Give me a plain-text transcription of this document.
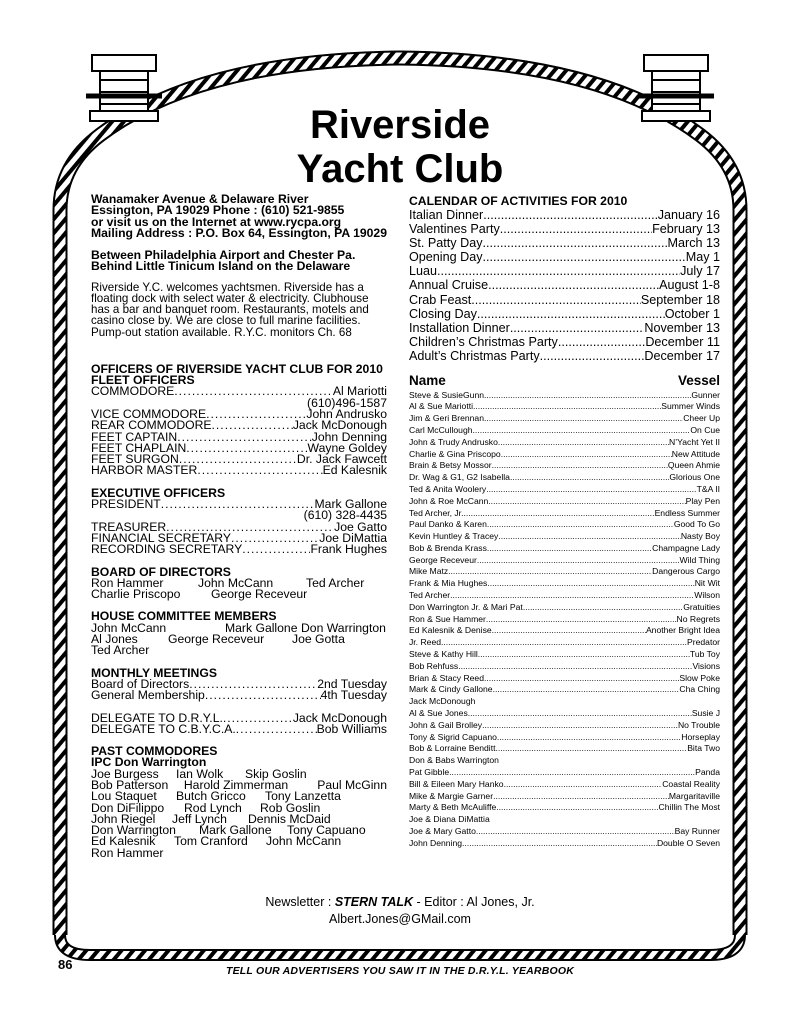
Riverside
Yacht Club
Wanamaker Avenue & Delaware River
Essington, PA 19029 Phone : (610) 521-9855
or visit us on the Internet at www.rycpa.org
Mailing Address : P.O. Box 64, Essington, PA 19029
Between Philadelphia Airport and Chester Pa.
Behind Little Tinicum Island on the Delaware
Riverside Y.C. welcomes yachtsmen. Riverside has a
floating dock with select water & electricity. Clubhouse
has a bar and banquet room. Restaurants, motels and
casino close by. We are close to full marine facilities.
Pump-out station available. R.Y.C. monitors Ch. 68
OFFICERS OF RIVERSIDE YACHT CLUB FOR 2010
FLEET OFFICERS
COMMODORE .....	Al Mariotti
(610)496-1587
VICE COMMODORE .....	John Andrusko
REAR COMMODORE .....	Jack McDonough
FEET CAPTAIN .....	John Denning
FEET CHAPLAIN .....	Wayne Goldey
FEET SURGON .....	Dr. Jack Fawcett
HARBOR MASTER .....	Ed Kalesnik
EXECUTIVE OFFICERS
PRESIDENT .....	Mark Gallone
(610) 328-4435
TREASURER .....	Joe Gatto
FINANCIAL SECRETARY .....	Joe DiMattia
RECORDING SECRETARY .....	Frank Hughes
BOARD OF DIRECTORS
Ron Hammer	John McCann	Ted Archer
Charlie Priscopo	George Receveur
HOUSE COMMITTEE MEMBERS
John McCann	Mark Gallone Don Warrington
Al Jones	George Receveur	Joe Gotta
Ted Archer
MONTHLY MEETINGS
Board of Directors .....	2nd Tuesday
General Membership .....	4th Tuesday
DELEGATE TO D.R.Y.L. .....	Jack McDonough
DELEGATE TO C.B.Y.C.A. .....	Bob Williams
PAST COMMODORES
IPC Don Warrington
Joe Burgess	Ian Wolk	Skip Goslin
Bob Patterson	Harold Zimmerman	Paul McGinn
Lou Staquet	Butch Gricco	Tony Lanzetta
Don DiFilippo	Rod Lynch	Rob Goslin
John Riegel	Jeff Lynch	Dennis McDaid
Don Warrington	Mark Gallone	Tony Capuano
Ed Kalesnik	Tom Cranford	John McCann
Ron Hammer
CALENDAR OF ACTIVITIES FOR 2010
Italian Dinner .....	January 16
Valentines Party .....	February 13
St. Patty Day .....	March 13
Opening Day .....	May 1
Luau .....	July 17
Annual Cruise .....	August 1-8
Crab Feast .....	September 18
Closing Day .....	October 1
Installation Dinner .....	November 13
Children’s Christmas Party .....	December 11
Adult’s Christmas Party .....	December 17
Name	Vessel
Steve & SusieGunn .....	Gunner
Al & Sue Mariotti .....	Summer Winds
Jim & Geri Brennan .....	Cheer Up
Carl McCullough .....	On Cue
John & Trudy Andrusko .....	N’Yacht Yet II
Charlie & Gina Priscopo .....	New Attitude
Brain & Betsy Mossor .....	Queen Ahmie
Dr. Wag & G1, G2 Isabella .....	Glorious One
Ted & Anita Woolery .....	T&A II
John & Roe McCann .....	Play Pen
Ted Archer, Jr. .....	Endless Summer
Paul Danko & Karen .....	Good To Go
Kevin Huntley & Tracey .....	Nasty Boy
Bob & Brenda Krass .....	Champagne Lady
George Receveur .....	Wild Thing
Mike Matz .....	Dangerous Cargo
Frank & Mia Hughes .....	Nit Wit
Ted Archer .....	Wilson
Don Warrington Jr. & Mari Pat .....	Gratuities
Ron & Sue Hammer .....	No Regrets
Ed Kalesnik & Denise .....	Another Bright Idea
Jr. Reed .....	Predator
Steve & Kathy Hill .....	Tub Toy
Bob Rehfuss .....	Visions
Brian & Stacy Reed .....	Slow Poke
Mark & Cindy Gallone .....	Cha Ching
Jack McDonough
Al & Sue Jones .....	Susie J
John & Gail Brolley .....	No Trouble
Tony & Sigrid Capuano .....	Horseplay
Bob & Lorraine Benditt .....	Bita Two
Don & Babs Warrington
Pat Gibble .....	Panda
Bill & Eileen Mary Hanko .....	Coastal Reality
Mike & Margie Garner .....	Margaritaville
Marty & Beth McAuliffe .....	Chillin The Most
Joe & Diana DiMattia
Joe & Mary Gatto .....	Bay Runner
John Denning .....	Double O Seven
Newsletter : STERN TALK - Editor : Al Jones, Jr.
Albert.Jones@GMail.com
86	TELL OUR ADVERTISERS YOU SAW IT IN THE D.R.Y.L. YEARBOOK
